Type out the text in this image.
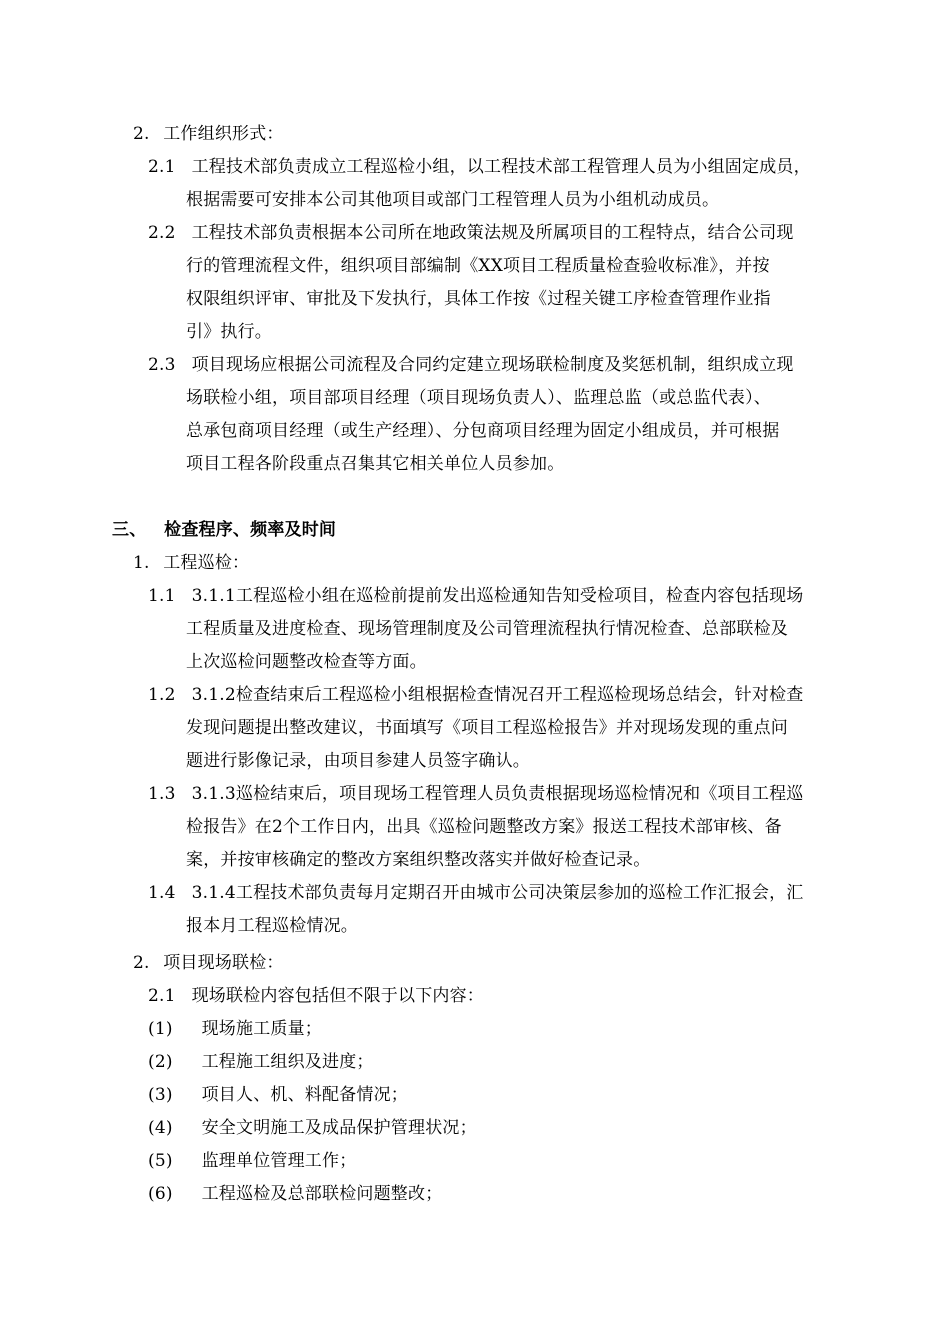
2. 工作组织形式：
2.1 工程技术部负责成立工程巡检小组，以工程技术部工程管理人员为小组固定成员，
根据需要可安排本公司其他项目或部门工程管理人员为小组机动成员。
2.2 工程技术部负责根据本公司所在地政策法规及所属项目的工程特点，结合公司现
行的管理流程文件，组织项目部编制《XX项目工程质量检查验收标准》，并按
权限组织评审、审批及下发执行，具体工作按《过程关键工序检查管理作业指
引》执行。
2.3 项目现场应根据公司流程及合同约定建立现场联检制度及奖惩机制，组织成立现
场联检小组，项目部项目经理（项目现场负责人）、监理总监（或总监代表）、
总承包商项目经理（或生产经理）、分包商项目经理为固定小组成员，并可根据
项目工程各阶段重点召集其它相关单位人员参加。
三、 检查程序、频率及时间
1. 工程巡检：
1.1 3.1.1工程巡检小组在巡检前提前发出巡检通知告知受检项目，检查内容包括现场
工程质量及进度检查、现场管理制度及公司管理流程执行情况检查、总部联检及
上次巡检问题整改检查等方面。
1.2 3.1.2检查结束后工程巡检小组根据检查情况召开工程巡检现场总结会，针对检查
发现问题提出整改建议，书面填写《项目工程巡检报告》并对现场发现的重点问
题进行影像记录，由项目参建人员签字确认。
1.3 3.1.3巡检结束后，项目现场工程管理人员负责根据现场巡检情况和《项目工程巡
检报告》在2个工作日内，出具《巡检问题整改方案》报送工程技术部审核、备
案，并按审核确定的整改方案组织整改落实并做好检查记录。
1.4 3.1.4工程技术部负责每月定期召开由城市公司决策层参加的巡检工作汇报会，汇
报本月工程巡检情况。
2. 项目现场联检：
2.1 现场联检内容包括但不限于以下内容：
(1) 现场施工质量；
(2) 工程施工组织及进度；
(3) 项目人、机、料配备情况；
(4) 安全文明施工及成品保护管理状况；
(5) 监理单位管理工作；
(6) 工程巡检及总部联检问题整改；
